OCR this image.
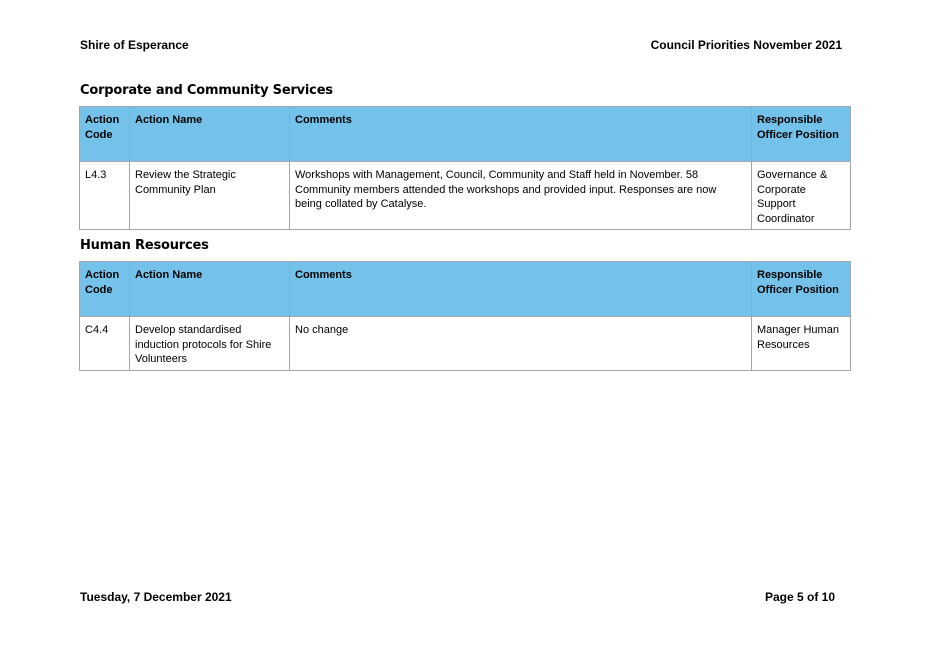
Shire of Esperance	Council Priorities November 2021
Corporate and Community Services
Action Code	Action Name	Comments	Responsible Officer Position
L4.3	Review the Strategic Community Plan	Workshops with Management, Council, Community and Staff held in November. 58 Community members attended the workshops and provided input. Responses are now being collated by Catalyse.	Governance & Corporate Support Coordinator
Human Resources
Action Code	Action Name	Comments	Responsible Officer Position
C4.4	Develop standardised induction protocols for Shire Volunteers	No change	Manager Human Resources
Tuesday, 7 December 2021	Page 5 of 10
